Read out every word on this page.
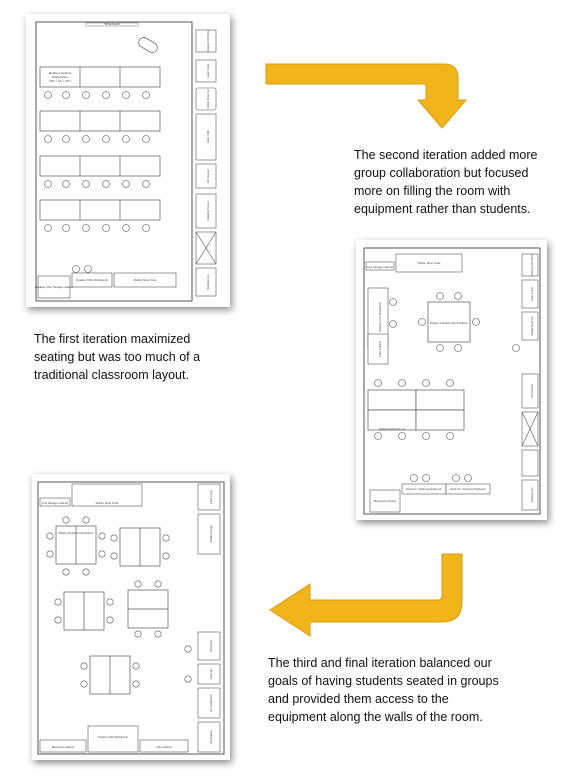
Whiteboard
Mobile 2 Student
Workstation
(60" x 24" x 30")
Desktop 3D Printer
Laser Cutter
Mobile Shop Vac
Lathe / Mill
3D Scanner
Soldering Station
Welding Cart
Desktop CNC Storage Cabinet
Desktop CNC Workbench	Mobile Shop Tools
Tool Storage Cabinet
Mobile Shop Tools
Desktop CNC Workbench
Lathe Cabinet
Mobile 4 Student Work Station
Mobile Workbench x 4
Electronics Cabinet
Electronic / Soldering Workbench	Electronic / Soldering Workbench
Desktop 3D Printer
Laser Cutter
Mobile Shop Vac
3D Scanner
Welding Cart
Tool Storage Cabinet	Mobile Shop Tools
Mobile Tool Bench Workbench
Laser Cutter
Mobile Storage
3D Printer
Shop Vac
Air Compressor
3D Scanner
Electronics Cabinet
Desktop CNC Workbench
CNC Cabinet
The first iteration maximized seating but was too much of a traditional classroom layout.
The second iteration added more group collaboration but focused more on filling the room with equipment rather than students.
The third and final iteration balanced our goals of having students seated in groups and provided them access to the equipment along the walls of the room.
